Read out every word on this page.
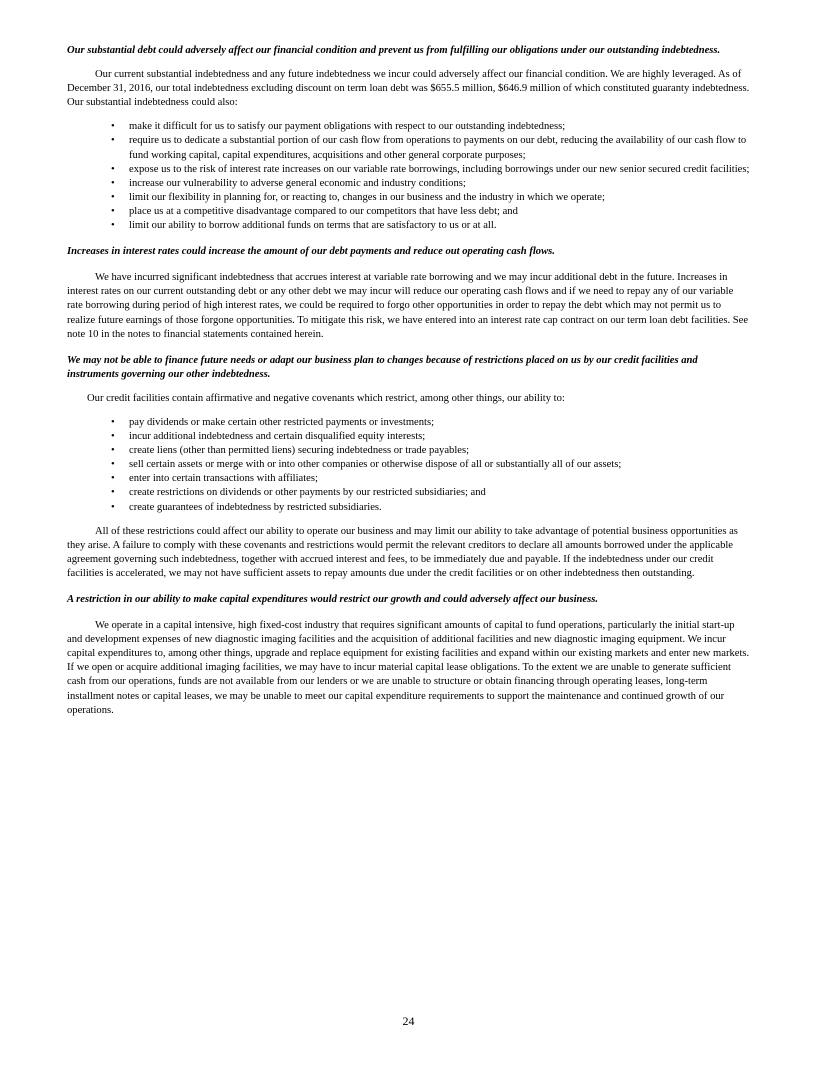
Our substantial debt could adversely affect our financial condition and prevent us from fulfilling our obligations under our outstanding indebtedness.

Our current substantial indebtedness and any future indebtedness we incur could adversely affect our financial condition. We are highly leveraged. As of December 31, 2016, our total indebtedness excluding discount on term loan debt was $655.5 million, $646.9 million of which constituted guaranty indebtedness. Our substantial indebtedness could also:

•	make it difficult for us to satisfy our payment obligations with respect to our outstanding indebtedness;
•	require us to dedicate a substantial portion of our cash flow from operations to payments on our debt, reducing the availability of our cash flow to fund working capital, capital expenditures, acquisitions and other general corporate purposes;
•	expose us to the risk of interest rate increases on our variable rate borrowings, including borrowings under our new senior secured credit facilities;
•	increase our vulnerability to adverse general economic and industry conditions;
•	limit our flexibility in planning for, or reacting to, changes in our business and the industry in which we operate;
•	place us at a competitive disadvantage compared to our competitors that have less debt; and
•	limit our ability to borrow additional funds on terms that are satisfactory to us or at all.

Increases in interest rates could increase the amount of our debt payments and reduce out operating cash flows.

We have incurred significant indebtedness that accrues interest at variable rate borrowing and we may incur additional debt in the future. Increases in interest rates on our current outstanding debt or any other debt we may incur will reduce our operating cash flows and if we need to repay any of our variable rate borrowing during period of high interest rates, we could be required to forgo other opportunities in order to repay the debt which may not permit us to realize future earnings of those forgone opportunities. To mitigate this risk, we have entered into an interest rate cap contract on our term loan debt facilities. See note 10 in the notes to financial statements contained herein.

We may not be able to finance future needs or adapt our business plan to changes because of restrictions placed on us by our credit facilities and instruments governing our other indebtedness.

Our credit facilities contain affirmative and negative covenants which restrict, among other things, our ability to:

•	pay dividends or make certain other restricted payments or investments;
•	incur additional indebtedness and certain disqualified equity interests;
•	create liens (other than permitted liens) securing indebtedness or trade payables;
•	sell certain assets or merge with or into other companies or otherwise dispose of all or substantially all of our assets;
•	enter into certain transactions with affiliates;
•	create restrictions on dividends or other payments by our restricted subsidiaries; and
•	create guarantees of indebtedness by restricted subsidiaries.

All of these restrictions could affect our ability to operate our business and may limit our ability to take advantage of potential business opportunities as they arise. A failure to comply with these covenants and restrictions would permit the relevant creditors to declare all amounts borrowed under the applicable agreement governing such indebtedness, together with accrued interest and fees, to be immediately due and payable. If the indebtedness under our credit facilities is accelerated, we may not have sufficient assets to repay amounts due under the credit facilities or on other indebtedness then outstanding.

A restriction in our ability to make capital expenditures would restrict our growth and could adversely affect our business.

We operate in a capital intensive, high fixed-cost industry that requires significant amounts of capital to fund operations, particularly the initial start-up and development expenses of new diagnostic imaging facilities and the acquisition of additional facilities and new diagnostic imaging equipment. We incur capital expenditures to, among other things, upgrade and replace equipment for existing facilities and expand within our existing markets and enter new markets. If we open or acquire additional imaging facilities, we may have to incur material capital lease obligations. To the extent we are unable to generate sufficient cash from our operations, funds are not available from our lenders or we are unable to structure or obtain financing through operating leases, long-term installment notes or capital leases, we may be unable to meet our capital expenditure requirements to support the maintenance and continued growth of our operations.

24
